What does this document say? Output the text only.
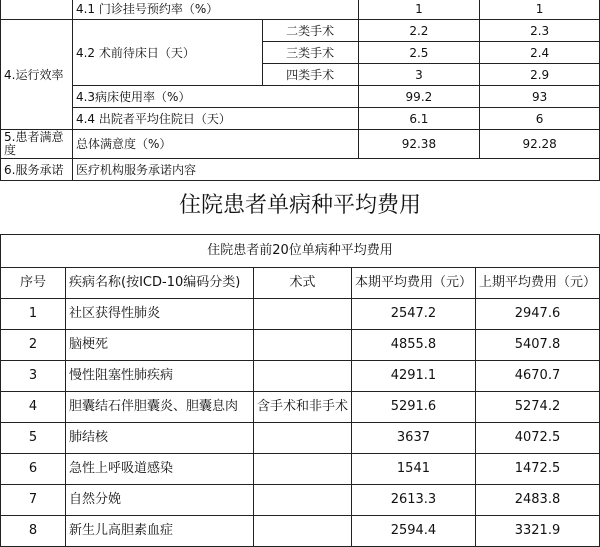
	4.1 门诊挂号预约率（%）		1	1
4.运行效率	4.2 术前待床日（天）	二类手术	2.2	2.3
		三类手术	2.5	2.4
		四类手术	3	2.9
	4.3病床使用率（%）		99.2	93
	4.4 出院者平均住院日（天）		6.1	6
5.患者满意度	总体满意度（%）		92.38	92.28
6.服务承诺	医疗机构服务承诺内容			
住院患者单病种平均费用
住院患者前20位单病种平均费用				
序号	疾病名称(按ICD-10编码分类)	术式	本期平均费用（元）	上期平均费用（元）
1	社区获得性肺炎		2547.2	2947.6
2	脑梗死		4855.8	5407.8
3	慢性阻塞性肺疾病		4291.1	4670.7
4	胆囊结石伴胆囊炎、胆囊息肉	含手术和非手术	5291.6	5274.2
5	肺结核		3637	4072.5
6	急性上呼吸道感染		1541	1472.5
7	自然分娩		2613.3	2483.8
8	新生儿高胆素血症		2594.4	3321.9
